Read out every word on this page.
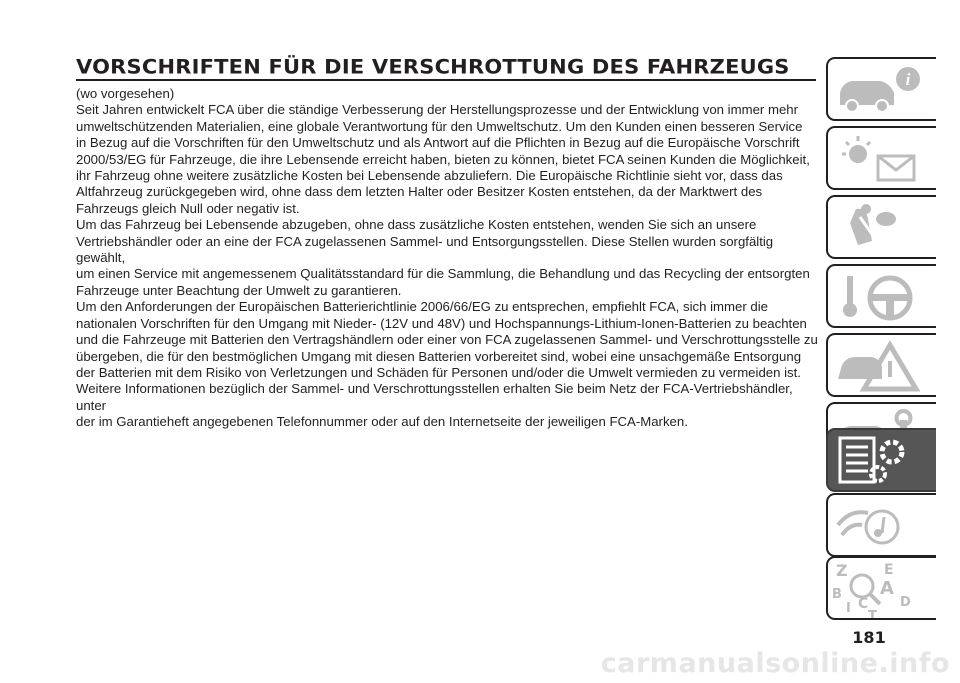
VORSCHRIFTEN FÜR DIE VERSCHROTTUNG DES FAHRZEUGS

(wo vorgesehen)

Seit Jahren entwickelt FCA über die ständige Verbesserung der Herstellungsprozesse und der Entwicklung von immer mehr
umweltschützenden Materialien, eine globale Verantwortung für den Umweltschutz. Um den Kunden einen besseren Service
in Bezug auf die Vorschriften für den Umweltschutz und als Antwort auf die Pflichten in Bezug auf die Europäische Vorschrift
2000/53/EG für Fahrzeuge, die ihre Lebensende erreicht haben, bieten zu können, bietet FCA seinen Kunden die Möglichkeit,
ihr Fahrzeug ohne weitere zusätzliche Kosten bei Lebensende abzuliefern. Die Europäische Richtlinie sieht vor, dass das
Altfahrzeug zurückgegeben wird, ohne dass dem letzten Halter oder Besitzer Kosten entstehen, da der Marktwert des
Fahrzeugs gleich Null oder negativ ist.

Um das Fahrzeug bei Lebensende abzugeben, ohne dass zusätzliche Kosten entstehen, wenden Sie sich an unsere
Vertriebshändler oder an eine der FCA zugelassenen Sammel- und Entsorgungsstellen. Diese Stellen wurden sorgfältig gewählt,
um einen Service mit angemessenem Qualitätsstandard für die Sammlung, die Behandlung und das Recycling der entsorgten
Fahrzeuge unter Beachtung der Umwelt zu garantieren.

Um den Anforderungen der Europäischen Batterierichtlinie 2006/66/EG zu entsprechen, empfiehlt FCA, sich immer die
nationalen Vorschriften für den Umgang mit Nieder- (12V und 48V) und Hochspannungs-Lithium-Ionen-Batterien zu beachten
und die Fahrzeuge mit Batterien den Vertragshändlern oder einer von FCA zugelassenen Sammel- und Verschrottungsstelle zu
übergeben, die für den bestmöglichen Umgang mit diesen Batterien vorbereitet sind, wobei eine unsachgemäße Entsorgung
der Batterien mit dem Risiko von Verletzungen und Schäden für Personen und/oder die Umwelt vermieden zu vermeiden ist.

Weitere Informationen bezüglich der Sammel- und Verschrottungsstellen erhalten Sie beim Netz der FCA-Vertriebshändler, unter
der im Garantieheft angegebenen Telefonnummer oder auf den Internetseite der jeweiligen FCA-Marken.

i
Z	E
B A
I C D
T
181
carmanualsonline.info
